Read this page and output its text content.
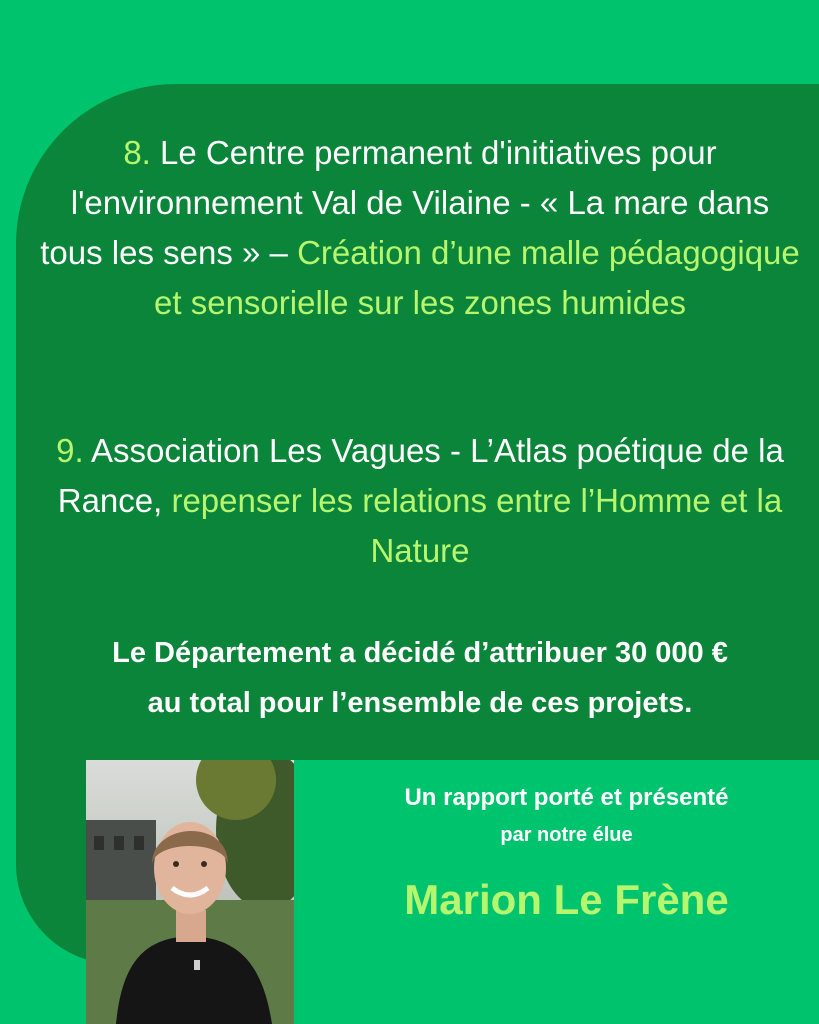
8. Le Centre permanent d'initiatives pour l'environnement Val de Vilaine - « La mare dans tous les sens » – Création d’une malle pédagogique et sensorielle sur les zones humides
9. Association Les Vagues - L’Atlas poétique de la Rance, repenser les relations entre l’Homme et la Nature
Le Département a décidé d’attribuer 30 000 €
au total pour l’ensemble de ces projets.
Un rapport porté et présenté
par notre élue
Marion Le Frène
